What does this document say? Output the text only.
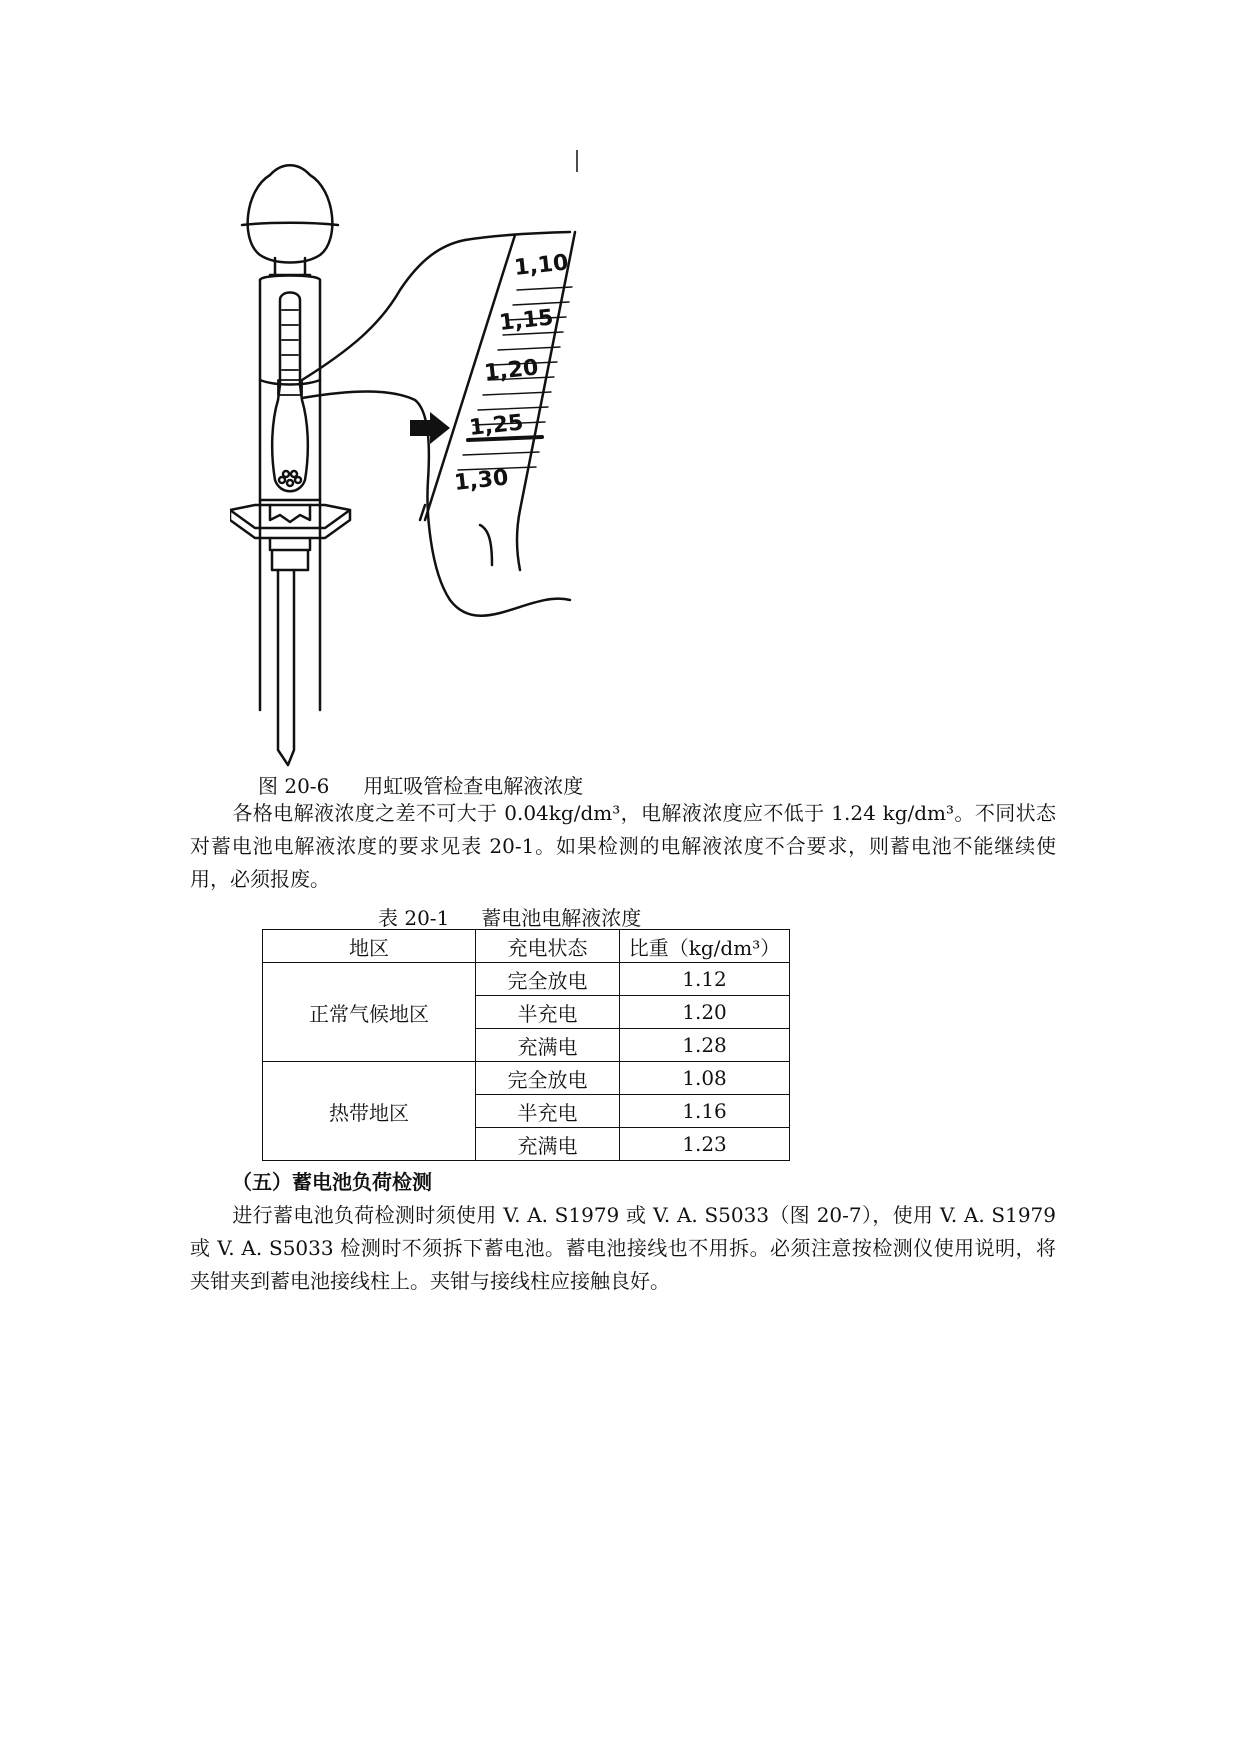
1,10
1,15
1,20
1,25
1,30
图 20-6 用虹吸管检查电解液浓度
各格电解液浓度之差不可大于 0.04kg/dm³，电解液浓度应不低于 1.24 kg/dm³。不同状态对蓄电池电解液浓度的要求见表 20-1。如果检测的电解液浓度不合要求，则蓄电池不能继续使用，必须报废。
表 20-1 蓄电池电解液浓度
地区	充电状态	比重（kg/dm³）
正常气候地区	完全放电	1.12
	半充电	1.20
	充满电	1.28
热带地区	完全放电	1.08
	半充电	1.16
	充满电	1.23
（五）蓄电池负荷检测
进行蓄电池负荷检测时须使用 V. A. S1979 或 V. A. S5033（图 20-7），使用 V. A. S1979 或 V. A. S5033 检测时不须拆下蓄电池。蓄电池接线也不用拆。必须注意按检测仪使用说明，将夹钳夹到蓄电池接线柱上。夹钳与接线柱应接触良好。
